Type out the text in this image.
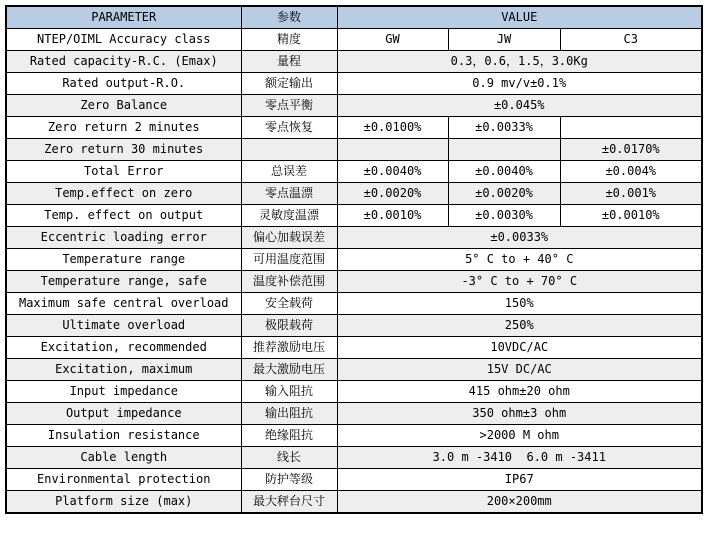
PARAMETER	参数	VALUE		
NTEP/OIML Accuracy class	精度	GW	JW	C3
Rated capacity-R.C. (Emax)	量程	0.3，0.6，1.5，3.0Kg		
Rated output-R.O.	额定输出	0.9 mv/v±0.1%		
Zero Balance	零点平衡	±0.045%		
Zero return 2 minutes	零点恢复	±0.0100%	±0.0033%	
Zero return 30 minutes				±0.0170%
Total Error	总误差	±0.0040%	±0.0040%	±0.004%
Temp.effect on zero	零点温漂	±0.0020%	±0.0020%	±0.001%
Temp. effect on output	灵敏度温漂	±0.0010%	±0.0030%	±0.0010%
Eccentric loading error	偏心加载误差	±0.0033%		
Temperature range	可用温度范围	5° C to + 40° C		
Temperature range, safe	温度补偿范围	-3° C to + 70° C		
Maximum safe central overload	安全载荷	150%		
Ultimate overload	极限载荷	250%		
Excitation, recommended	推荐激励电压	10VDC/AC		
Excitation, maximum	最大激励电压	15V DC/AC		
Input impedance	输入阻抗	415 ohm±20 ohm		
Output impedance	输出阻抗	350 ohm±3 ohm		
Insulation resistance	绝缘阻抗	>2000 M ohm		
Cable length	线长	3.0 m -3410  6.0 m -3411		
Environmental protection	防护等级	IP67		
Platform size (max)	最大秤台尺寸	200×200mm		
